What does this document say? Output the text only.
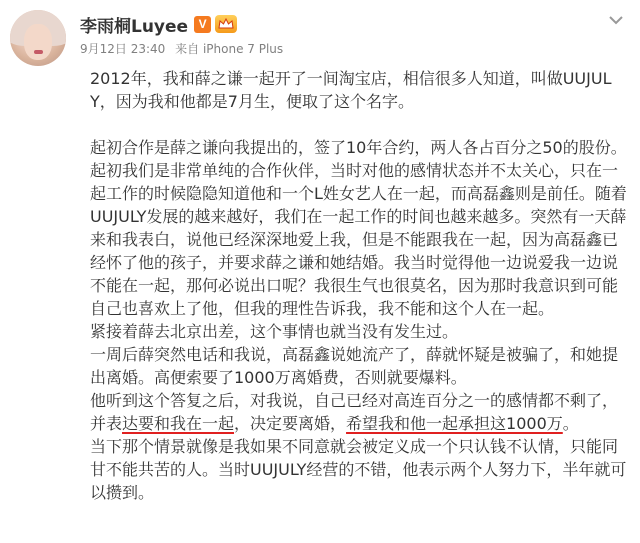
李雨桐Luyee V
9月12日 23:40 来自 iPhone 7 Plus

2012年，我和薛之谦一起开了一间淘宝店，相信很多人知道，叫做UUJULY，因为我和他都是7月生，便取了这个名字。

起初合作是薛之谦向我提出的，签了10年合约，两人各占百分之50的股份。

起初我们是非常单纯的合作伙伴，当时对他的感情状态并不太关心，只在一起工作的时候隐隐知道他和一个L姓女艺人在一起，而高磊鑫则是前任。随着UUJULY发展的越来越好，我们在一起工作的时间也越来越多。突然有一天薛来和我表白，说他已经深深地爱上我，但是不能跟我在一起，因为高磊鑫已经怀了他的孩子，并要求薛之谦和她结婚。我当时觉得他一边说爱我一边说不能在一起，那何必说出口呢？我很生气也很莫名，因为那时我意识到可能自己也喜欢上了他，但我的理性告诉我，我不能和这个人在一起。

紧接着薛去北京出差，这个事情也就当没有发生过。

一周后薛突然电话和我说，高磊鑫说她流产了，薛就怀疑是被骗了，和她提出离婚。高便索要了1000万离婚费，否则就要爆料。

他听到这个答复之后，对我说，自己已经对高连百分之一的感情都不剩了，并表达要和我在一起，决定要离婚，希望我和他一起承担这1000万。

当下那个情景就像是我如果不同意就会被定义成一个只认钱不认情，只能同甘不能共苦的人。当时UUJULY经营的不错，他表示两个人努力下，半年就可以攒到。
